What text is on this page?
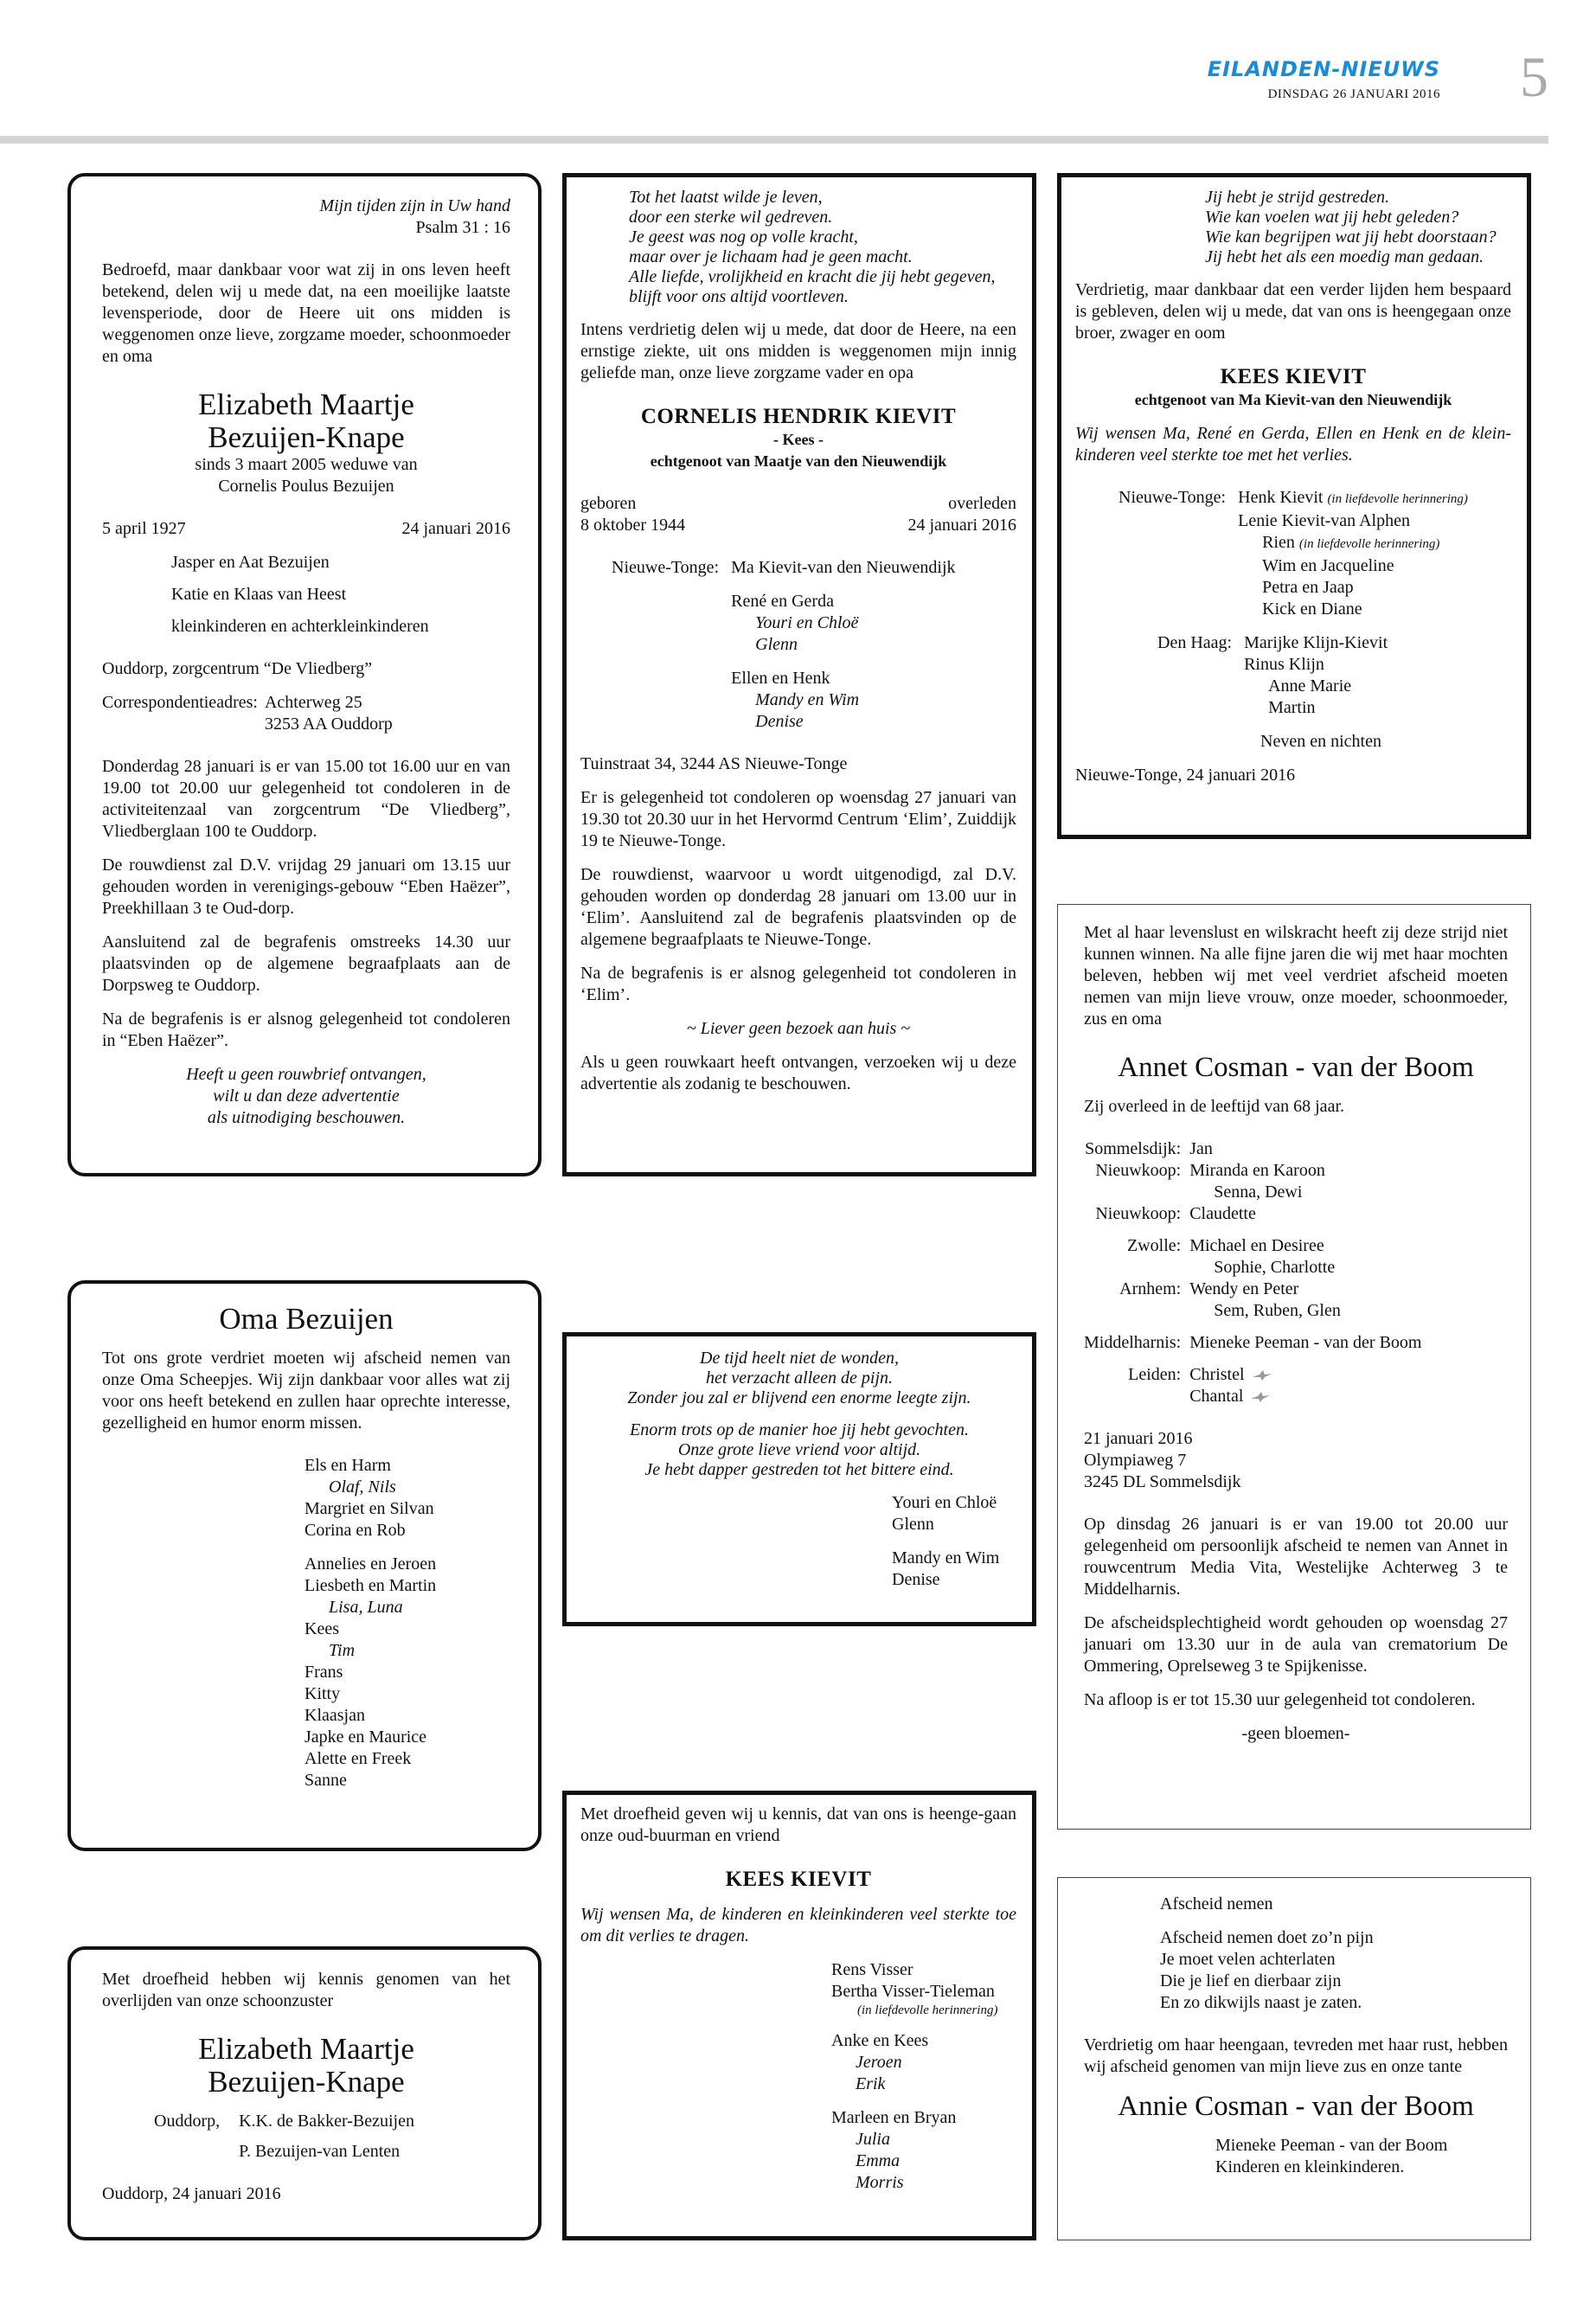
EILANDEN-NIEUWS
DINSDAG 26 JANUARI 2016 5

Mijn tijden zijn in Uw hand

Psalm 31 : 16

Bedroefd, maar dankbaar voor wat zij in ons leven heeft betekend, delen wij u mede dat, na een moeilijke laatste levensperiode, door de Heere uit ons midden is weggenomen onze lieve, zorgzame moeder, schoonmoeder en oma

Elizabeth Maartje

Bezuijen-Knape

sinds 3 maart 2005 weduwe van

Cornelis Poulus Bezuijen

5 april 1927	24 januari 2016

Jasper en Aat Bezuijen

Katie en Klaas van Heest

kleinkinderen en achterkleinkinderen

Ouddorp, zorgcentrum “De Vliedberg”

Correspondentieadres: Achterweg 25
3253 AA Ouddorp

Donderdag 28 januari is er van 15.00 tot 16.00 uur en van 19.00 tot 20.00 uur gelegenheid tot condoleren in de activiteitenzaal van zorgcentrum “De Vliedberg”, Vliedberglaan 100 te Ouddorp.

De rouwdienst zal D.V. vrijdag 29 januari om 13.15 uur gehouden worden in verenigings-gebouw “Eben Haëzer”, Preekhillaan 3 te Oud-dorp.

Aansluitend zal de begrafenis omstreeks 14.30 uur plaatsvinden op de algemene begraafplaats aan de Dorpsweg te Ouddorp.

Na de begrafenis is er alsnog gelegenheid tot condoleren in “Eben Haëzer”.

Heeft u geen rouwbrief ontvangen,

wilt u dan deze advertentie

als uitnodiging beschouwen.

Oma Bezuijen

Tot ons grote verdriet moeten wij afscheid nemen van onze Oma Scheepjes. Wij zijn dankbaar voor alles wat zij voor ons heeft betekend en zullen haar oprechte interesse, gezelligheid en humor enorm missen.

Els en Harm

Olaf, Nils

Margriet en Silvan

Corina en Rob

Annelies en Jeroen

Liesbeth en Martin

Lisa, Luna

Kees

Tim

Frans

Kitty

Klaasjan

Japke en Maurice

Alette en Freek

Sanne

Met droefheid hebben wij kennis genomen van het overlijden van onze schoonzuster

Elizabeth Maartje

Bezuijen-Knape

Ouddorp, K.K. de Bakker-Bezuijen
P. Bezuijen-van Lenten

Ouddorp, 24 januari 2016

Tot het laatst wilde je leven,

door een sterke wil gedreven.

Je geest was nog op volle kracht,

maar over je lichaam had je geen macht.

Alle liefde, vrolijkheid en kracht die jij hebt gegeven,

blijft voor ons altijd voortleven.

Intens verdrietig delen wij u mede, dat door de Heere, na een ernstige ziekte, uit ons midden is weggenomen mijn innig geliefde man, onze lieve zorgzame vader en opa

CORNELIS HENDRIK KIEVIT

- Kees -

echtgenoot van Maatje van den Nieuwendijk

geboren
8 oktober 1944
overleden
24 januari 2016
Nieuwe-Tonge: Ma Kievit-van den Nieuwendijk

René en Gerda

Youri en Chloë

Glenn

Ellen en Henk

Mandy en Wim

Denise

Tuinstraat 34, 3244 AS Nieuwe-Tonge

Er is gelegenheid tot condoleren op woensdag 27 januari van 19.30 tot 20.30 uur in het Hervormd Centrum ‘Elim’, Zuiddijk 19 te Nieuwe-Tonge.

De rouwdienst, waarvoor u wordt uitgenodigd, zal D.V. gehouden worden op donderdag 28 januari om 13.00 uur in ‘Elim’. Aansluitend zal de begrafenis plaatsvinden op de algemene begraafplaats te Nieuwe-Tonge.

Na de begrafenis is er alsnog gelegenheid tot condoleren in ‘Elim’.

~ Liever geen bezoek aan huis ~

Als u geen rouwkaart heeft ontvangen, verzoeken wij u deze advertentie als zodanig te beschouwen.

De tijd heelt niet de wonden,

het verzacht alleen de pijn.

Zonder jou zal er blijvend een enorme leegte zijn.

Enorm trots op de manier hoe jij hebt gevochten.

Onze grote lieve vriend voor altijd.

Je hebt dapper gestreden tot het bittere eind.

Youri en Chloë

Glenn

Mandy en Wim

Denise

Met droefheid geven wij u kennis, dat van ons is heenge-gaan onze oud-buurman en vriend

KEES KIEVIT

Wij wensen Ma, de kinderen en kleinkinderen veel sterkte toe om dit verlies te dragen.

Rens Visser

Bertha Visser-Tieleman

(in liefdevolle herinnering)

Anke en Kees

Jeroen

Erik

Marleen en Bryan

Julia

Emma

Morris

Jij hebt je strijd gestreden.

Wie kan voelen wat jij hebt geleden?

Wie kan begrijpen wat jij hebt doorstaan?

Jij hebt het als een moedig man gedaan.

Verdrietig, maar dankbaar dat een verder lijden hem bespaard is gebleven, delen wij u mede, dat van ons is heengegaan onze broer, zwager en oom

KEES KIEVIT

echtgenoot van Ma Kievit-van den Nieuwendijk

Wij wensen Ma, René en Gerda, Ellen en Henk en de klein-kinderen veel sterkte toe met het verlies.

Nieuwe-Tonge: Henk Kievit (in liefdevolle herinnering)

Lenie Kievit-van Alphen

Rien (in liefdevolle herinnering)

Wim en Jacqueline

Petra en Jaap

Kick en Diane

Den Haag: Marijke Klijn-Kievit

Rinus Klijn

Anne Marie

Martin

Neven en nichten

Nieuwe-Tonge, 24 januari 2016

Met al haar levenslust en wilskracht heeft zij deze strijd niet kunnen winnen. Na alle fijne jaren die wij met haar mochten beleven, hebben wij met veel verdriet afscheid moeten nemen van mijn lieve vrouw, onze moeder, schoonmoeder, zus en oma

Annet Cosman - van der Boom

Zij overleed in de leeftijd van 68 jaar.

Sommelsdijk: Jan
Nieuwkoop: Miranda en Karoon
Senna, Dewi
Nieuwkoop: Claudette
Zwolle: Michael en Desiree
Sophie, Charlotte
Arnhem: Wendy en Peter
Sem, Ruben, Glen
Middelharnis: Mieneke Peeman - van der Boom
Leiden: Christel
Chantal

21 januari 2016

Olympiaweg 7

3245 DL Sommelsdijk

Op dinsdag 26 januari is er van 19.00 tot 20.00 uur gelegenheid om persoonlijk afscheid te nemen van Annet in rouwcentrum Media Vita, Westelijke Achterweg 3 te Middelharnis.

De afscheidsplechtigheid wordt gehouden op woensdag 27 januari om 13.30 uur in de aula van crematorium De Ommering, Oprelseweg 3 te Spijkenisse.

Na afloop is er tot 15.30 uur gelegenheid tot condoleren.

-geen bloemen-

Afscheid nemen

Afscheid nemen doet zo’n pijn

Je moet velen achterlaten

Die je lief en dierbaar zijn

En zo dikwijls naast je zaten.

Verdrietig om haar heengaan, tevreden met haar rust, hebben wij afscheid genomen van mijn lieve zus en onze tante

Annie Cosman - van der Boom

Mieneke Peeman - van der Boom

Kinderen en kleinkinderen.
